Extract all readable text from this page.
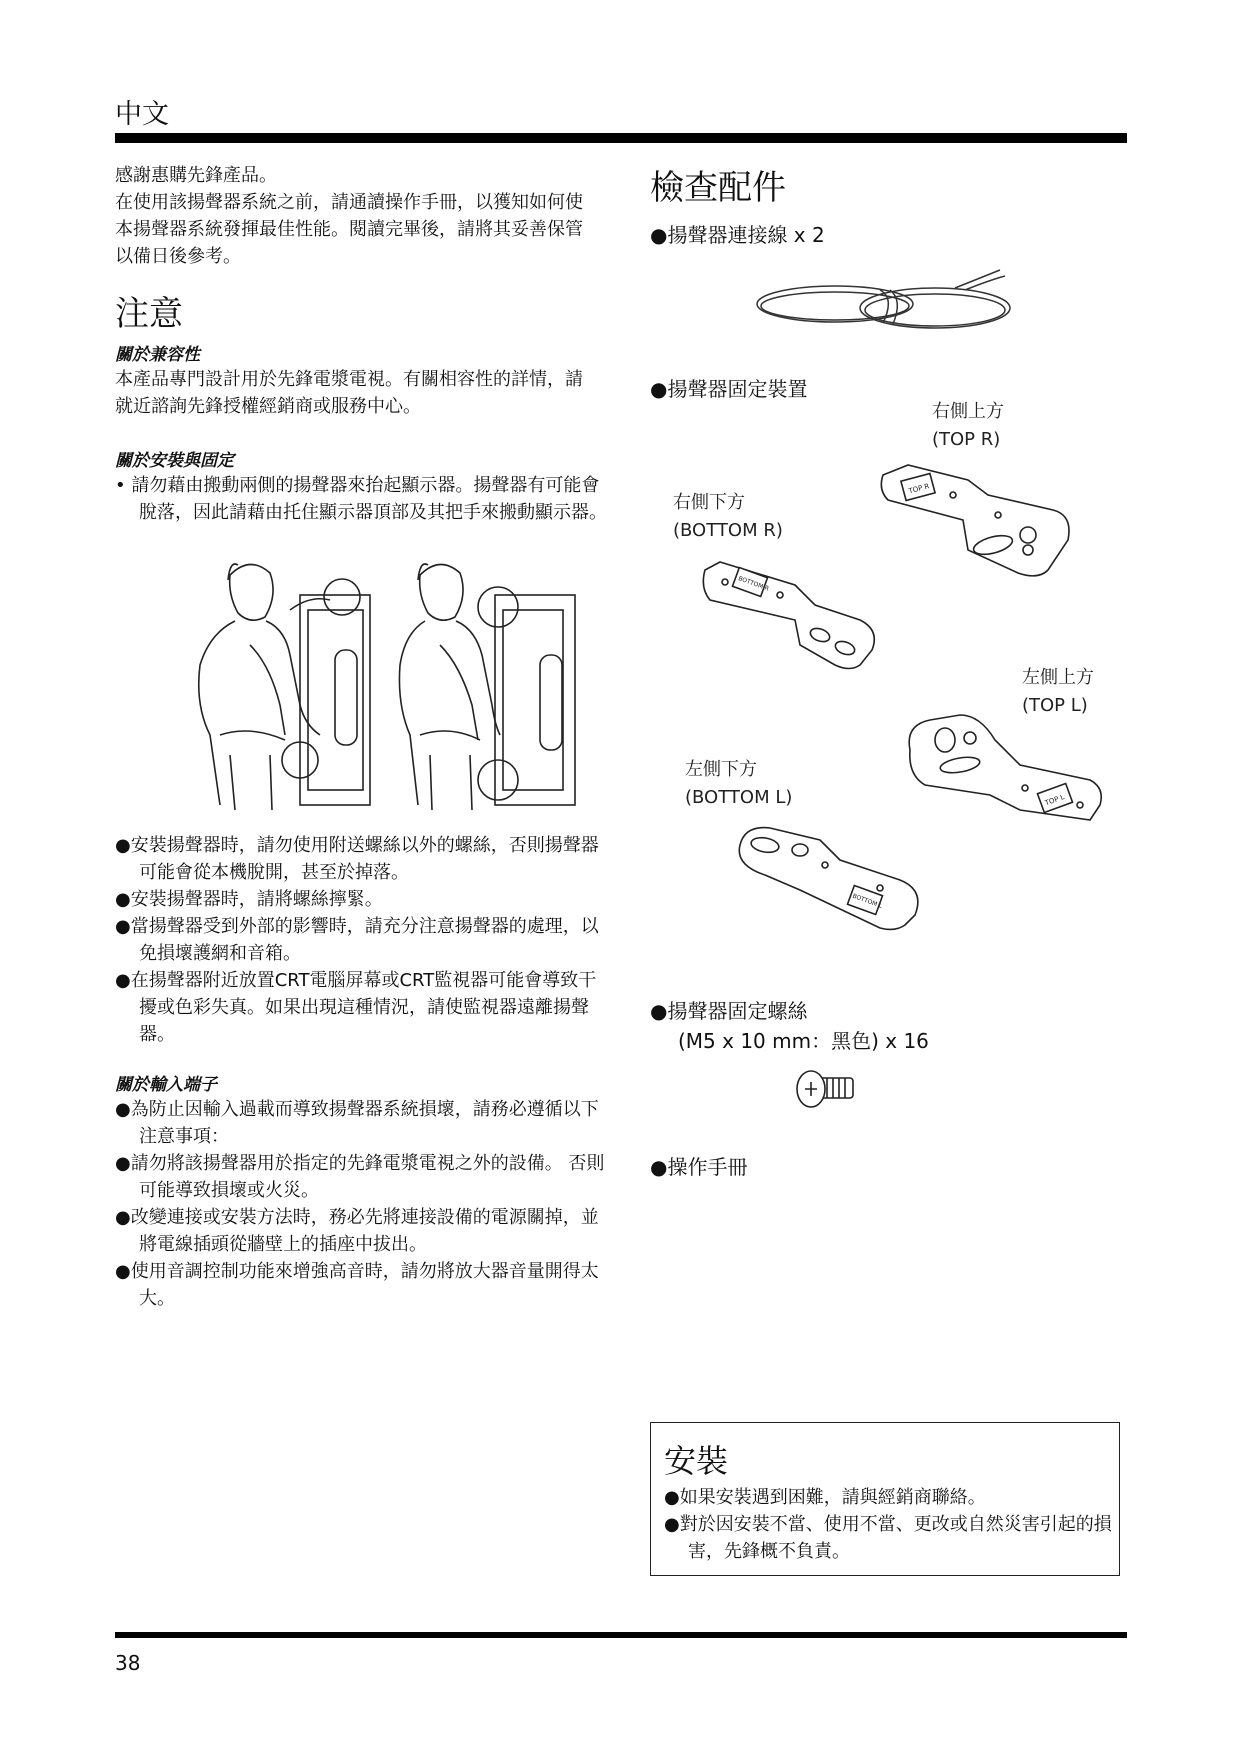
中文
感謝惠購先鋒產品。
在使用該揚聲器系統之前，請通讀操作手冊，以獲知如何使本揚聲器系統發揮最佳性能。閱讀完畢後，請將其妥善保管以備日後參考。
注意
關於兼容性
本產品專門設計用於先鋒電漿電視。有關相容性的詳情，請就近諮詢先鋒授權經銷商或服務中心。
關於安裝與固定
• 請勿藉由搬動兩側的揚聲器來抬起顯示器。揚聲器有可能會脫落，因此請藉由托住顯示器頂部及其把手來搬動顯示器。
●安裝揚聲器時，請勿使用附送螺絲以外的螺絲，否則揚聲器可能會從本機脫開，甚至於掉落。
●安裝揚聲器時，請將螺絲擰緊。
●當揚聲器受到外部的影響時，請充分注意揚聲器的處理，以免損壞護網和音箱。
●在揚聲器附近放置CRT電腦屏幕或CRT監視器可能會導致干擾或色彩失真。如果出現這種情況，請使監視器遠離揚聲器。
關於輸入端子
●為防止因輸入過載而導致揚聲器系統損壞，請務必遵循以下注意事項：
●請勿將該揚聲器用於指定的先鋒電漿電視之外的設備。 否則可能導致損壞或火災。
●改變連接或安裝方法時，務必先將連接設備的電源關掉，並將電線插頭從牆壁上的插座中拔出。
●使用音調控制功能來增強高音時，請勿將放大器音量開得太大。
檢查配件
●揚聲器連接線 x 2
●揚聲器固定裝置
右側上方
(TOP R)
右側下方
(BOTTOM R)
左側上方
(TOP L)
左側下方
(BOTTOM L)
TOP R
BOTTOM R
TOP L
BOTTOM L
●揚聲器固定螺絲
(M5 x 10 mm：黑色) x 16
●操作手冊
安裝
●如果安裝遇到困難，請與經銷商聯絡。
●對於因安裝不當、使用不當、更改或自然災害引起的損害，先鋒概不負責。
38
